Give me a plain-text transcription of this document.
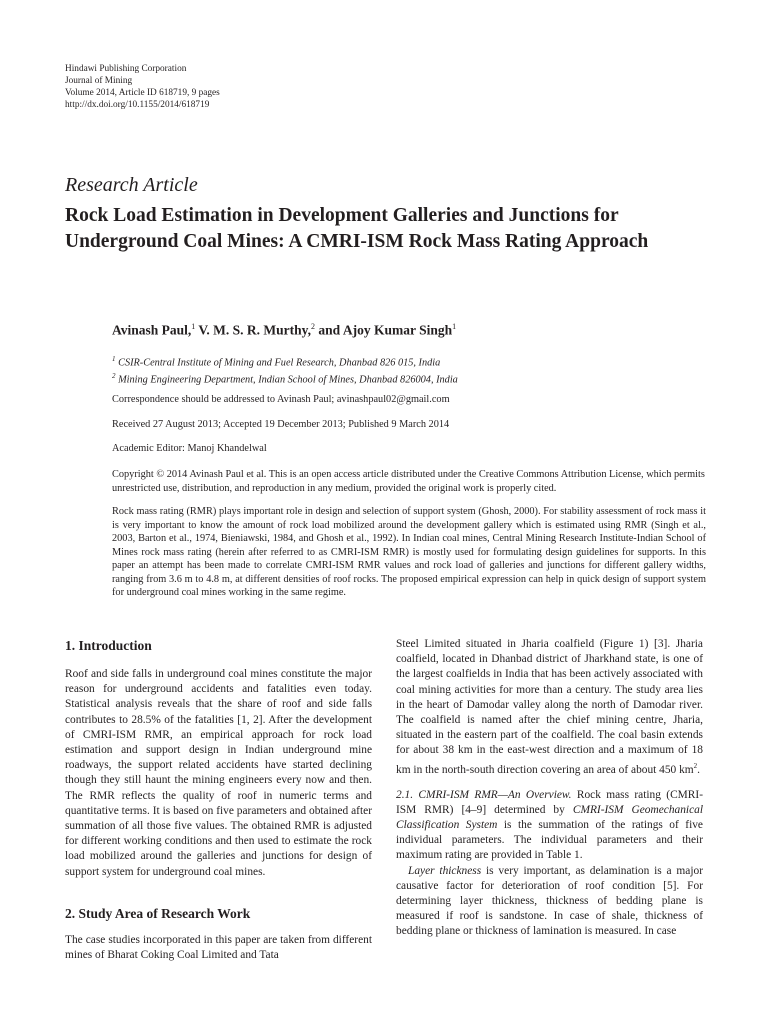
Hindawi Publishing Corporation
Journal of Mining
Volume 2014, Article ID 618719, 9 pages
http://dx.doi.org/10.1155/2014/618719
Research Article
Rock Load Estimation in Development Galleries and Junctions for Underground Coal Mines: A CMRI-ISM Rock Mass Rating Approach
Avinash Paul,$^1$ V. M. S. R. Murthy,$^2$ and Ajoy Kumar Singh$^1$
$^1$ CSIR-Central Institute of Mining and Fuel Research, Dhanbad 826 015, India
$^2$ Mining Engineering Department, Indian School of Mines, Dhanbad 826004, India
Correspondence should be addressed to Avinash Paul; avinashpaul02@gmail.com
Received 27 August 2013; Accepted 19 December 2013; Published 9 March 2014
Academic Editor: Manoj Khandelwal
Copyright © 2014 Avinash Paul et al. This is an open access article distributed under the Creative Commons Attribution License, which permits unrestricted use, distribution, and reproduction in any medium, provided the original work is properly cited.
Rock mass rating (RMR) plays important role in design and selection of support system (Ghosh, 2000). For stability assessment of rock mass it is very important to know the amount of rock load mobilized around the development gallery which is estimated using RMR (Singh et al., 2003, Barton et al., 1974, Bieniawski, 1984, and Ghosh et al., 1992). In Indian coal mines, Central Mining Research Institute-Indian School of Mines rock mass rating (herein after referred to as CMRI-ISM RMR) is mostly used for formulating design guidelines for supports. In this paper an attempt has been made to correlate CMRI-ISM RMR values and rock load of galleries and junctions for different gallery widths, ranging from 3.6 m to 4.8 m, at different densities of roof rocks. The proposed empirical expression can help in quick design of support system for underground coal mines working in the same regime.
1. Introduction

Roof and side falls in underground coal mines constitute the major reason for underground accidents and fatalities even today. Statistical analysis reveals that the share of roof and side falls contributes to 28.5% of the fatalities [1, 2]. After the development of CMRI-ISM RMR, an empirical approach for rock load estimation and support design in Indian underground mine roadways, the support related accidents have started declining though they still haunt the mining engineers every now and then. The RMR reflects the quality of roof in numeric terms and quantitative terms. It is based on five parameters and obtained after summation of all those five values. The obtained RMR is adjusted for different working conditions and then used to estimate the rock load mobilized around the galleries and junctions for design of support system for underground coal mines.

2. Study Area of Research Work

The case studies incorporated in this paper are taken from different mines of Bharat Coking Coal Limited and Tata

Steel Limited situated in Jharia coalfield (Figure 1) [3]. Jharia coalfield, located in Dhanbad district of Jharkhand state, is one of the largest coalfields in India that has been actively associated with coal mining activities for more than a century. The study area lies in the heart of Damodar valley along the north of Damodar river. The coalfield is named after the chief mining centre, Jharia, situated in the eastern part of the coalfield. The coal basin extends for about 38 km in the east-west direction and a maximum of 18 km in the north-south direction covering an area of about 450 $km^2$.

2.1. CMRI-ISM RMR—An Overview. Rock mass rating (CMRI-ISM RMR) [4–9] determined by CMRI-ISM Geomechanical Classification System is the summation of the ratings of five individual parameters. The individual parameters and their maximum rating are provided in Table 1.

Layer thickness is very important, as delamination is a major causative factor for deterioration of roof condition [5]. For determining layer thickness, thickness of bedding plane is measured if roof is sandstone. In case of shale, thickness of bedding plane or thickness of lamination is measured. In case
